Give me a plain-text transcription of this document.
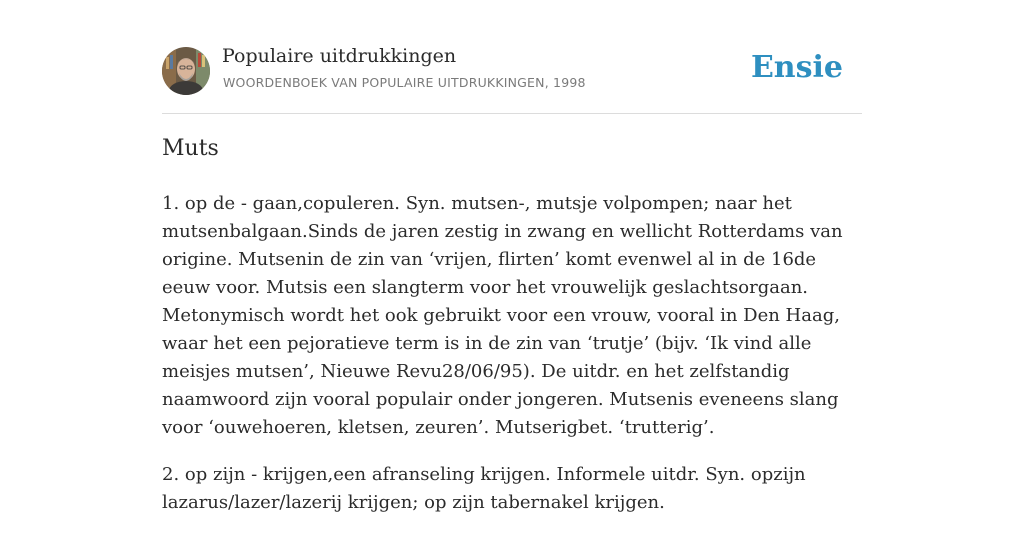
Populaire uitdrukkingen
WOORDENBOEK VAN POPULAIRE UITDRUKKINGEN, 1998	Ensie
Muts

1. op de - gaan,copuleren. Syn. mutsen-, mutsje volpompen; naar het mutsenbalgaan.Sinds de jaren zestig in zwang en wellicht Rotterdams van origine. Mutsenin de zin van ‘vrijen, flirten’ komt evenwel al in de 16de eeuw voor. Mutsis een slangterm voor het vrouwelijk geslachtsorgaan. Metonymisch wordt het ook gebruikt voor een vrouw, vooral in Den Haag, waar het een pejoratieve term is in de zin van ‘trutje’ (bijv. ‘Ik vind alle meisjes mutsen’, Nieuwe Revu28/06/95). De uitdr. en het zelfstandig naamwoord zijn vooral populair onder jongeren. Mutsenis eveneens slang voor ‘ouwehoeren, kletsen, zeuren’. Mutserigbet. ‘trutterig’.

2. op zijn - krijgen,een afranseling krijgen. Informele uitdr. Syn. opzijn lazarus/lazer/lazerij krijgen; op zijn tabernakel krijgen.
